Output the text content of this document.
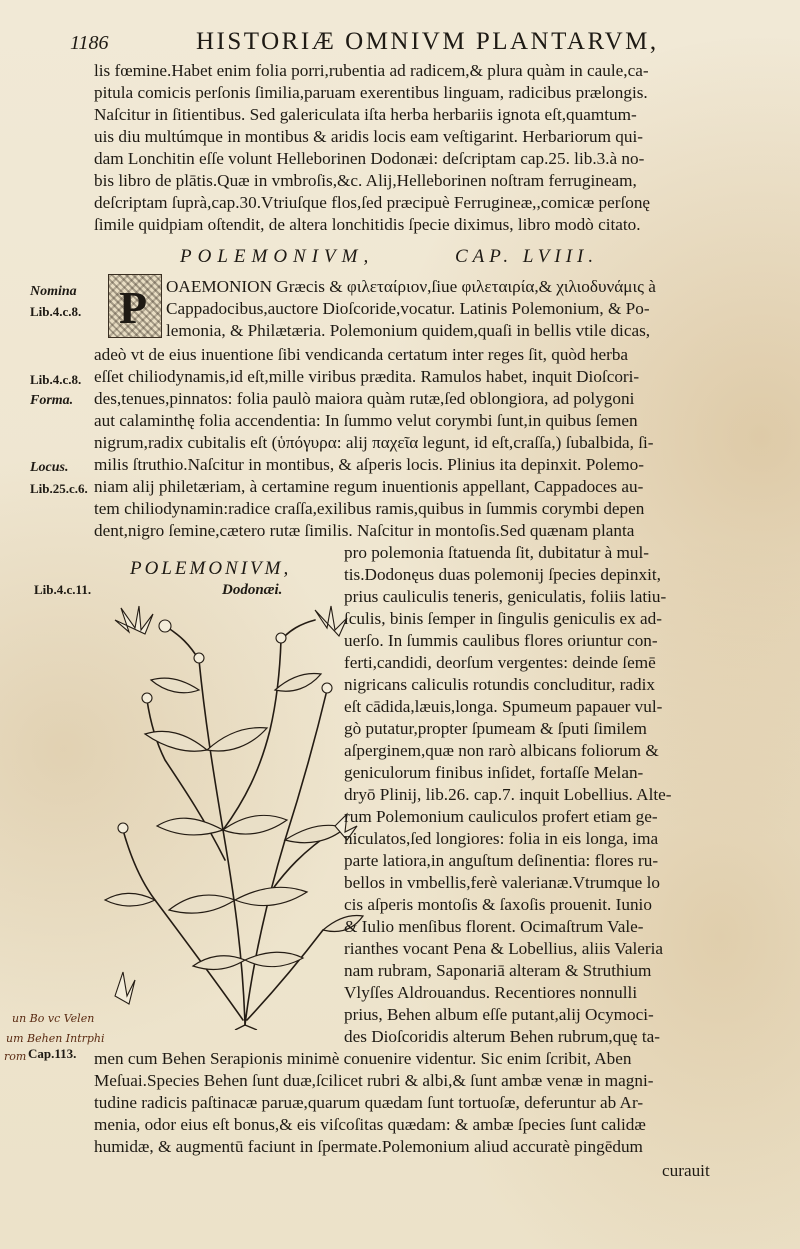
1186	HISTORIÆ OMNIVM PLANTARVM,
lis fœmine.Habet enim folia porri,rubentia ad radicem,& plura quàm in caule,ca-
pitula comicis perſonis ſimilia,paruam exerentibus linguam, radicibus prælongis.
Naſcitur in ſitientibus. Sed galericulata iſta herba herbariis ignota eſt,quamtum-
uis diu multúmque in montibus & aridis locis eam veſtigarint. Herbariorum qui-
dam Lonchitin eſſe volunt Helleborinen Dodonæi: deſcriptam cap.25. lib.3.à no-
bis libro de plātis.Quæ in vmbroſis,&c. Alij,Helleborinen noſtram ferrugineam,
deſcriptam ſuprà,cap.30.Vtriuſque flos,ſed præcipuè Ferrugineæ,,comicæ perſonę
ſimile quidpiam oſtendit, de altera lonchitidis ſpecie diximus, libro modò citato.
POLEMONIVM,	CAP. LVIII.
Nomina
Lib.4.c.8.
Lib.4.c.8.
Forma.
Locus.
Lib.25.c.6.
Lib.4.c.11.
Cap.113.
un Bo vc Velen
um Behen Intrphi
rom
P OAEMONION Græcis & φιλεταίριον,ſiue φιλεταιρία,& χιλιοδυνάμις à
Cappadocibus,auctore Dioſcoride,vocatur. Latinis Polemonium, & Po-
lemonia, & Philætæria. Polemonium quidem,quaſi in bellis vtile dicas,
adeò vt de eius inuentione ſibi vendicanda certatum inter reges ſit, quòd herba
eſſet chiliodynamis,id eſt,mille viribus prædita. Ramulos habet, inquit Dioſcori-
des,tenues,pinnatos: folia paulò maiora quàm rutæ,ſed oblongiora, ad polygoni
aut calaminthę folia accendentia: In ſummo velut corymbi ſunt,in quibus ſemen
nigrum,radix cubitalis eſt (ὑπόγυρα: alij παχεῖα legunt, id eſt,craſſa,) ſubalbida, ſi-
milis ſtruthio.Naſcitur in montibus, & aſperis locis. Plinius ita depinxit. Polemo-
niam alij philetæriam, à certamine regum inuentionis appellant, Cappadoces au-
tem chiliodynamin:radice craſſa,exilibus ramis,quibus in ſummis corymbi depen
dent,nigro ſemine,cætero rutæ ſimilis. Naſcitur in montoſis.Sed quænam planta
POLEMONIVM,
Dodonæi.
pro polemonia ſtatuenda ſit, dubitatur à mul-
tis.Dodonęus duas polemonij ſpecies depinxit,
prius cauliculis teneris, geniculatis, foliis latiu-
ſculis, binis ſemper in ſingulis geniculis ex ad-
uerſo. In ſummis caulibus flores oriuntur con-
ferti,candidi, deorſum vergentes: deinde ſemē
nigricans caliculis rotundis concluditur, radix
eſt cādida,læuis,longa. Spumeum papauer vul-
gò putatur,propter ſpumeam & ſputi ſimilem
aſperginem,quæ non rarò albicans foliorum &
geniculorum finibus inſidet, fortaſſe Melan-
dryō Plinij, lib.26. cap.7. inquit Lobellius. Alte-
rum Polemonium cauliculos profert etiam ge-
niculatos,ſed longiores: folia in eis longa, ima
parte latiora,in anguſtum deſinentia: flores ru-
bellos in vmbellis,ferè valerianæ.Vtrumque lo
cis aſperis montoſis & ſaxoſis prouenit. Iunio
& Iulio menſibus florent. Ocimaſtrum Vale-
rianthes vocant Pena & Lobellius, aliis Valeria
nam rubram, Saponariā alteram & Struthium
Vlyſſes Aldrouandus. Recentiores nonnulli
prius, Behen album eſſe putant,alij Ocymoci-
des Dioſcoridis alterum Behen rubrum,quę ta-
men cum Behen Serapionis minimè conuenire videntur. Sic enim ſcribit, Aben
Meſuai.Species Behen ſunt duæ,ſcilicet rubri & albi,& ſunt ambæ venæ in magni-
tudine radicis paſtinacæ paruæ,quarum quædam ſunt tortuoſæ, deferuntur ab Ar-
menia, odor eius eſt bonus,& eis viſcoſitas quædam: & ambæ ſpecies ſunt calidæ
humidæ, & augmentū faciunt in ſpermate.Polemonium aliud accuratè pingēdum
curauit
